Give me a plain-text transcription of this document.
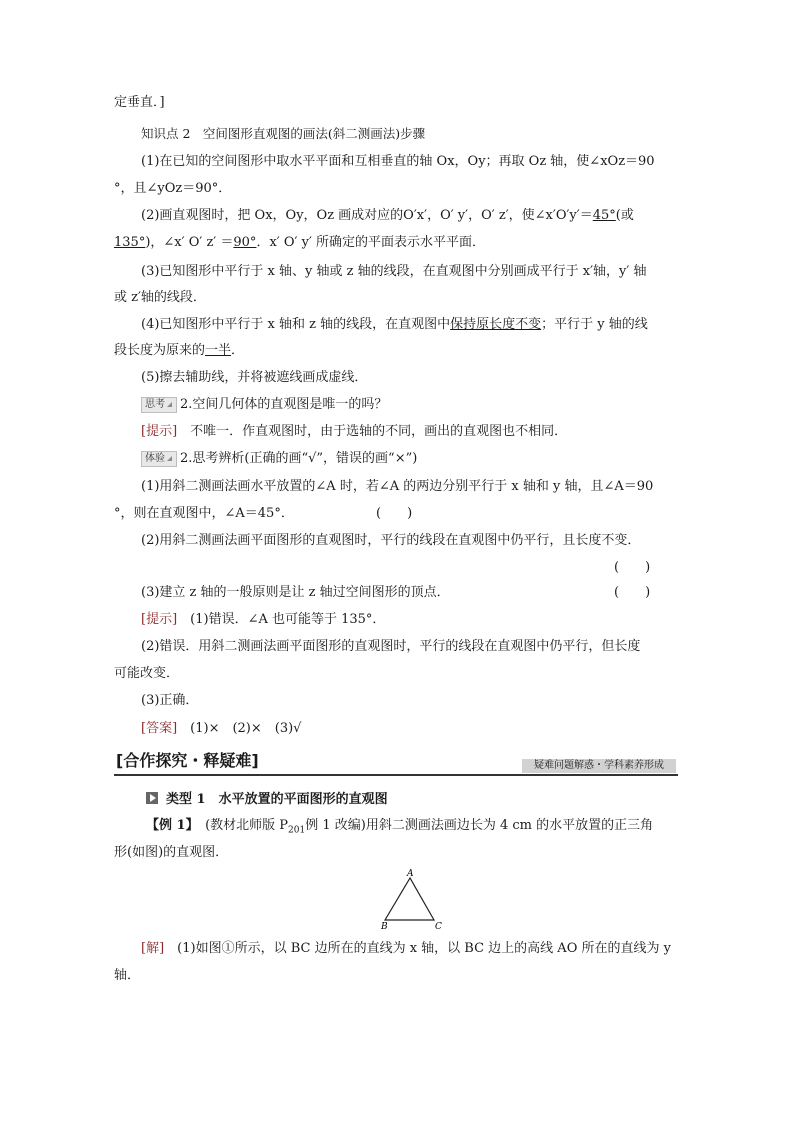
定垂直．]
知识点 2　空间图形直观图的画法(斜二测画法)步骤
(1)在已知的空间图形中取水平平面和互相垂直的轴 Ox，Oy；再取 Oz 轴，使∠xOz＝90
°，且∠yOz＝90°．
(2)画直观图时，把 Ox，Oy，Oz 画成对应的O′x′，O′ y′，O′ z′，使∠x′O′y′＝45°(或
135°)，∠x′ O′ z′ ＝90°．x′ O′ y′ 所确定的平面表示水平平面．
(3)已知图形中平行于 x 轴、y 轴或 z 轴的线段，在直观图中分别画成平行于 x′轴，y′ 轴
或 z′轴的线段．
(4)已知图形中平行于 x 轴和 z 轴的线段，在直观图中保持原长度不变；平行于 y 轴的线
段长度为原来的一半．
(5)擦去辅助线，并将被遮线画成虚线．
思考 2.空间几何体的直观图是唯一的吗？
[提示]　不唯一．作直观图时，由于选轴的不同，画出的直观图也不相同．
体验 2.思考辨析(正确的画“√”，错误的画“×”)
(1)用斜二测画法画水平放置的∠A 时，若∠A 的两边分别平行于 x 轴和 y 轴，且∠A＝90
°，则在直观图中，∠A＝45°．	(　　)
(2)用斜二测画法画平面图形的直观图时，平行的线段在直观图中仍平行，且长度不变．
(　　)
(3)建立 z 轴的一般原则是让 z 轴过空间图形的顶点．	(　　)
[提示]　(1)错误．∠A 也可能等于 135°．
(2)错误．用斜二测画法画平面图形的直观图时，平行的线段在直观图中仍平行，但长度
可能改变．
(3)正确．
[答案]　(1)×　(2)×　(3)√
[合作探究・释疑难]	疑难问题解惑・学科素养形成
类型 1　水平放置的平面图形的直观图
【例 1】　(教材北师版 $P_{201}$例 1 改编)用斜二测画法画边长为 4 cm 的水平放置的正三角
形(如图)的直观图．
A
B	C
[解]　(1)如图①所示，以 BC 边所在的直线为 x 轴，以 BC 边上的高线 AO 所在的直线为 y
轴．
